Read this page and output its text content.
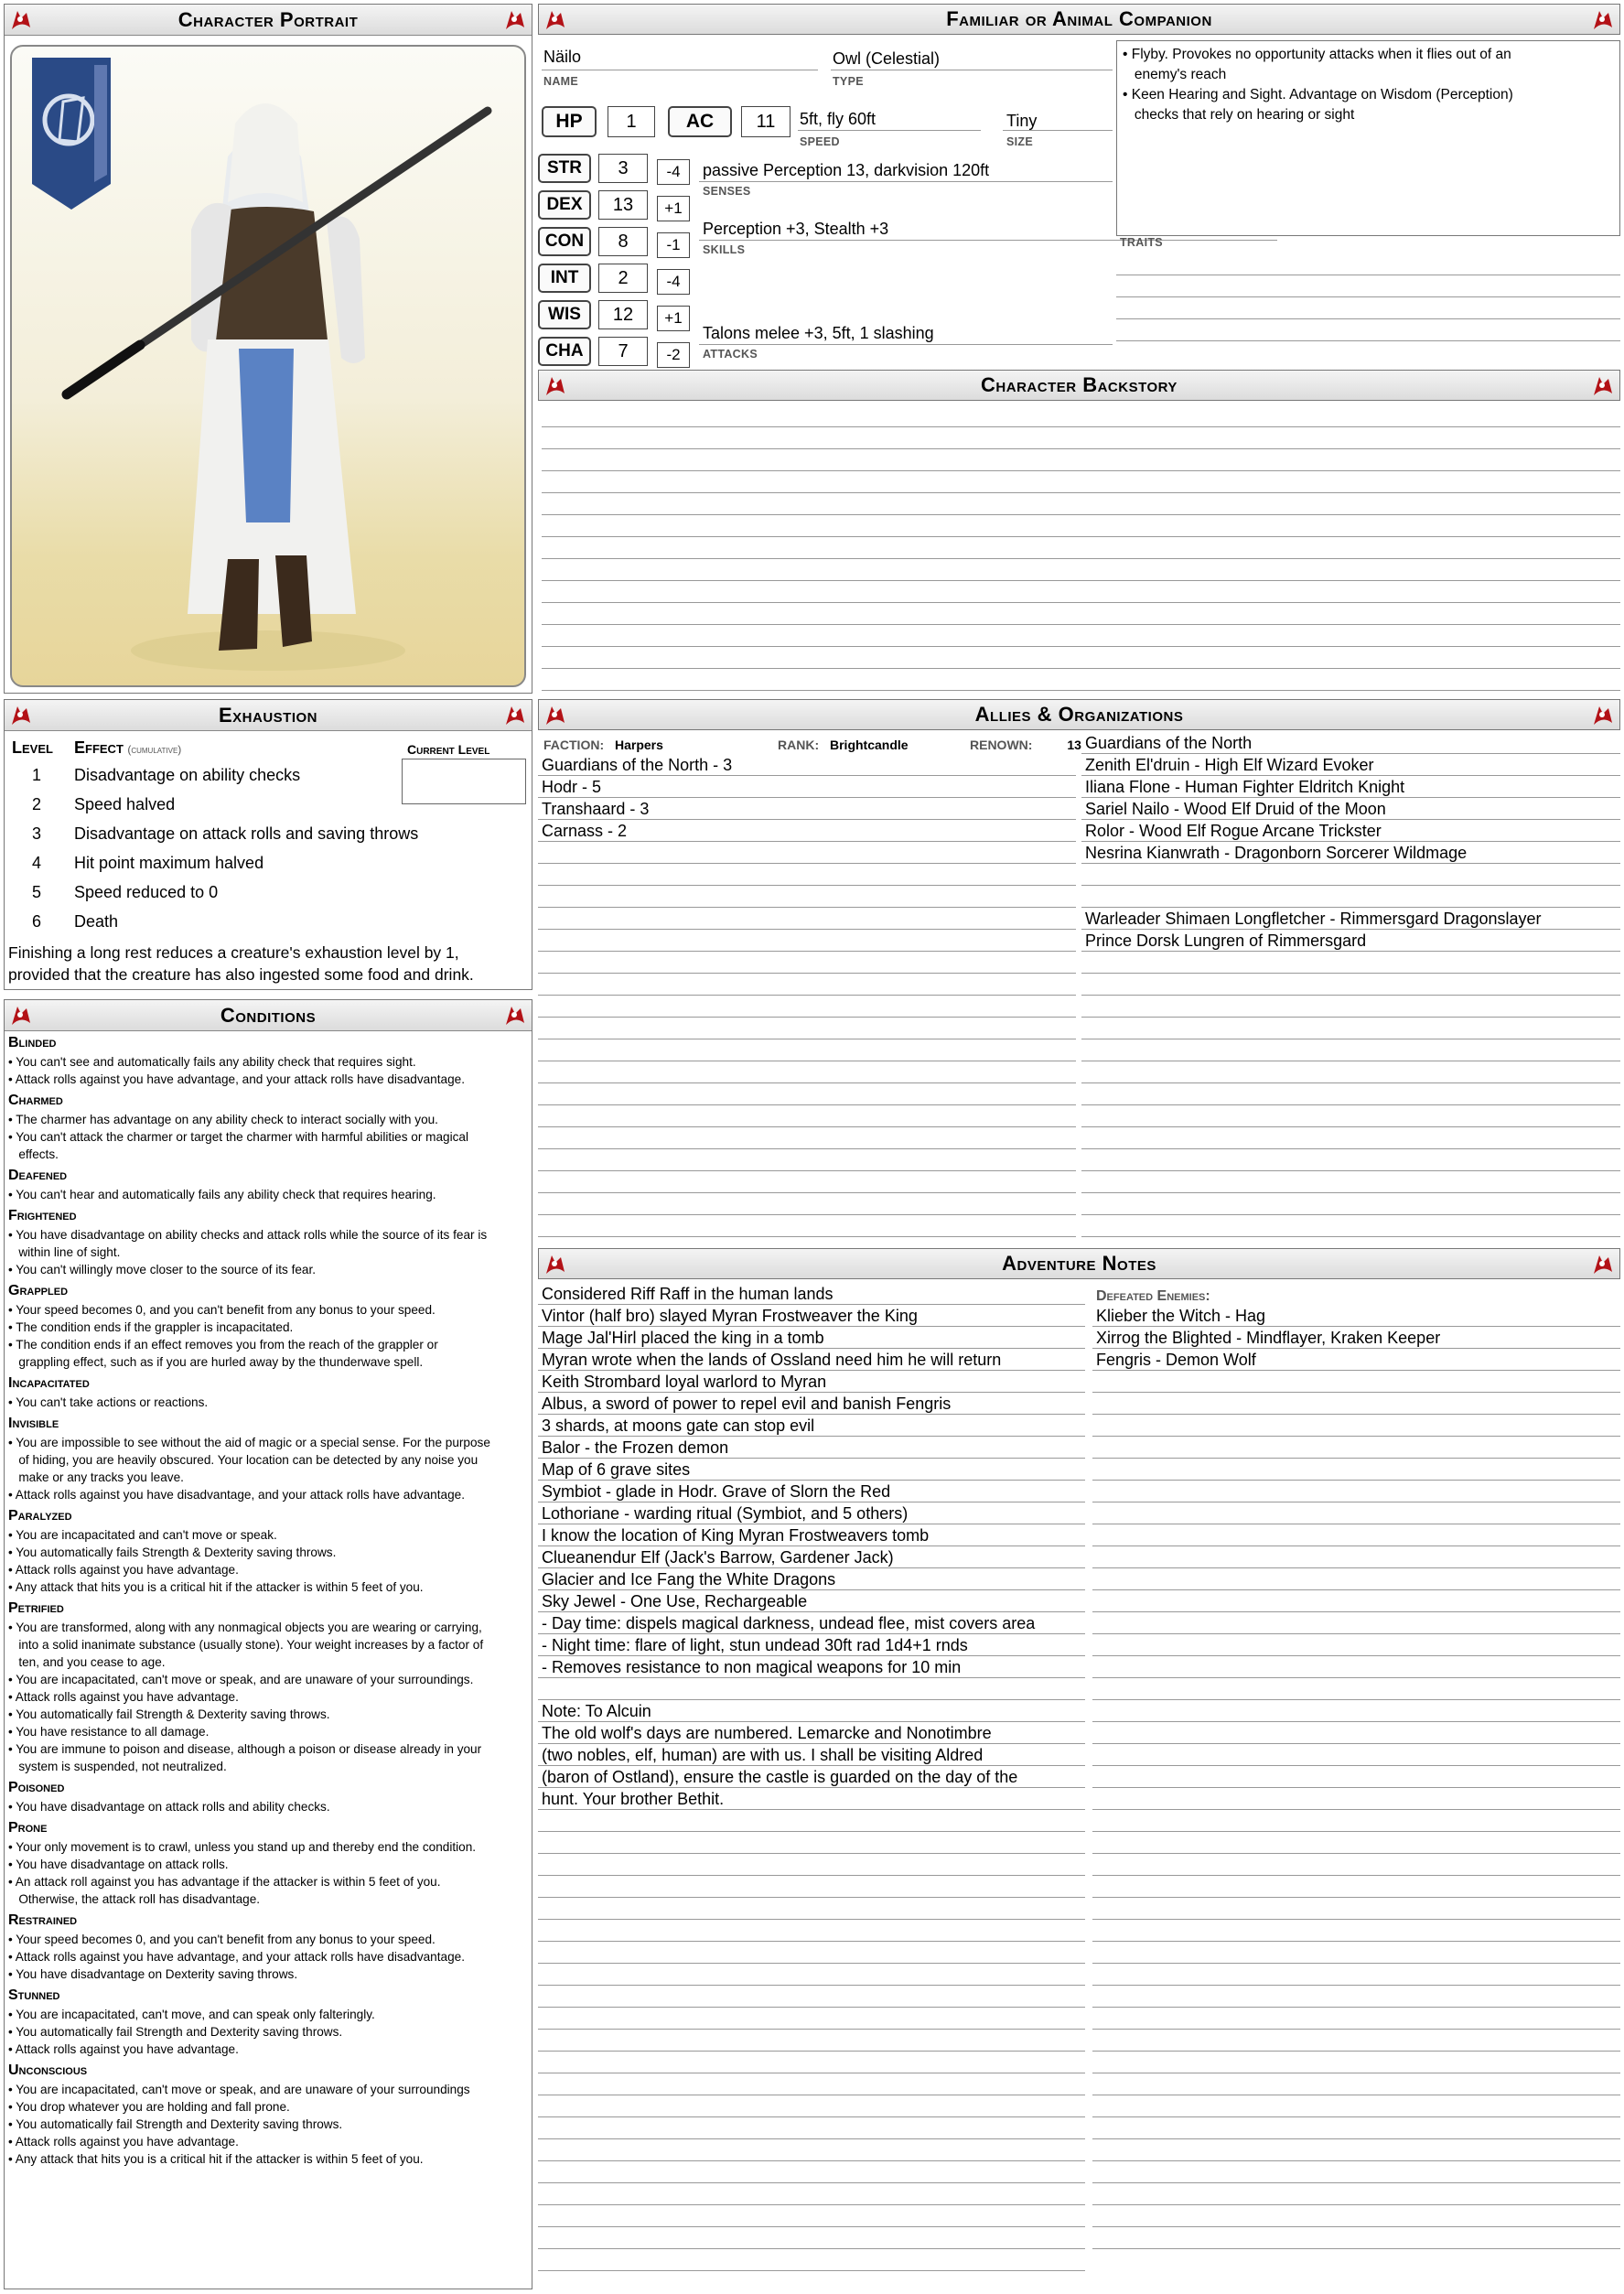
Character Portrait	Familiar or Animal Companion
Näilo
NAME
Owl (Celestial)
TYPE
HP	1	AC	11	5ft, fly 60ft
SPEED
Tiny
SIZE
STR	3	-4
DEX	13	+1
CON	8	-1
INT	2	-4
WIS	12	+1
CHA	7	-2
passive Perception 13, darkvision 120ft
SENSES
Perception +3, Stealth +3
SKILLS
Talons melee +3, 5ft, 1 slashing
ATTACKS
• Flyby. Provokes no opportunity attacks when it flies out of an
enemy's reach
• Keen Hearing and Sight. Advantage on Wisdom (Perception)
checks that rely on hearing or sight
TRAITS
Character Backstory
Exhaustion
Level Effect (cumulative)	Current Level
1 Disadvantage on ability checks
2 Speed halved
3 Disadvantage on attack rolls and saving throws
4 Hit point maximum halved
5 Speed reduced to 0
6 Death
Finishing a long rest reduces a creature's exhaustion level by 1,
provided that the creature has also ingested some food and drink.
Conditions
Blinded
• You can't see and automatically fails any ability check that requires sight.
• Attack rolls against you have advantage, and your attack rolls have disadvantage.
Charmed
• The charmer has advantage on any ability check to interact socially with you.
• You can't attack the charmer or target the charmer with harmful abilities or magical
effects.
Deafened
• You can't hear and automatically fails any ability check that requires hearing.
Frightened
• You have disadvantage on ability checks and attack rolls while the source of its fear is
within line of sight.
• You can't willingly move closer to the source of its fear.
Grappled
• Your speed becomes 0, and you can't benefit from any bonus to your speed.
• The condition ends if the grappler is incapacitated.
• The condition ends if an effect removes you from the reach of the grappler or
grappling effect, such as if you are hurled away by the thunderwave spell.
Incapacitated
• You can't take actions or reactions.
Invisible
• You are impossible to see without the aid of magic or a special sense. For the purpose
of hiding, you are heavily obscured. Your location can be detected by any noise you
make or any tracks you leave.
• Attack rolls against you have disadvantage, and your attack rolls have advantage.
Paralyzed
• You are incapacitated and can't move or speak.
• You automatically fails Strength & Dexterity saving throws.
• Attack rolls against you have advantage.
• Any attack that hits you is a critical hit if the attacker is within 5 feet of you.
Petrified
• You are transformed, along with any nonmagical objects you are wearing or carrying,
into a solid inanimate substance (usually stone). Your weight increases by a factor of
ten, and you cease to age.
• You are incapacitated, can't move or speak, and are unaware of your surroundings.
• Attack rolls against you have advantage.
• You automatically fail Strength & Dexterity saving throws.
• You have resistance to all damage.
• You are immune to poison and disease, although a poison or disease already in your
system is suspended, not neutralized.
Poisoned
• You have disadvantage on attack rolls and ability checks.
Prone
• Your only movement is to crawl, unless you stand up and thereby end the condition.
• You have disadvantage on attack rolls.
• An attack roll against you has advantage if the attacker is within 5 feet of you.
Otherwise, the attack roll has disadvantage.
Restrained
• Your speed becomes 0, and you can't benefit from any bonus to your speed.
• Attack rolls against you have advantage, and your attack rolls have disadvantage.
• You have disadvantage on Dexterity saving throws.
Stunned
• You are incapacitated, can't move, and can speak only falteringly.
• You automatically fail Strength and Dexterity saving throws.
• Attack rolls against you have advantage.
Unconscious
• You are incapacitated, can't move or speak, and are unaware of your surroundings
• You drop whatever you are holding and fall prone.
• You automatically fail Strength and Dexterity saving throws.
• Attack rolls against you have advantage.
• Any attack that hits you is a critical hit if the attacker is within 5 feet of you.
Allies & Organizations
FACTION: Harpers	RANK: Brightcandle	RENOWN:	13
Guardians of the North - 3
Hodr - 5
Transhaard - 3
Carnass - 2
Guardians of the North
Zenith El'druin - High Elf Wizard Evoker
Iliana Flone - Human Fighter Eldritch Knight
Sariel Nailo - Wood Elf Druid of the Moon
Rolor - Wood Elf Rogue Arcane Trickster
Nesrina Kianwrath - Dragonborn Sorcerer Wildmage
Warleader Shimaen Longfletcher - Rimmersgard Dragonslayer
Prince Dorsk Lungren of Rimmersgard
Adventure Notes
Considered Riff Raff in the human lands
Vintor (half bro) slayed Myran Frostweaver the King
Mage Jal'Hirl placed the king in a tomb
Myran wrote when the lands of Ossland need him he will return
Keith Strombard loyal warlord to Myran
Albus, a sword of power to repel evil and banish Fengris
3 shards, at moons gate can stop evil
Balor - the Frozen demon
Map of 6 grave sites
Symbiot - glade in Hodr. Grave of Slorn the Red
Lothoriane - warding ritual (Symbiot, and 5 others)
I know the location of King Myran Frostweavers tomb
Clueanendur Elf (Jack's Barrow, Gardener Jack)
Glacier and Ice Fang the White Dragons
Sky Jewel - One Use, Rechargeable
- Day time: dispels magical darkness, undead flee, mist covers area
- Night time: flare of light, stun undead 30ft rad 1d4+1 rnds
- Removes resistance to non magical weapons for 10 min
Note: To Alcuin
The old wolf's days are numbered. Lemarcke and Nonotimbre
(two nobles, elf, human) are with us. I shall be visiting Aldred
(baron of Ostland), ensure the castle is guarded on the day of the
hunt. Your brother Bethit.
Defeated Enemies:
Klieber the Witch - Hag
Xirrog the Blighted - Mindflayer, Kraken Keeper
Fengris - Demon Wolf
